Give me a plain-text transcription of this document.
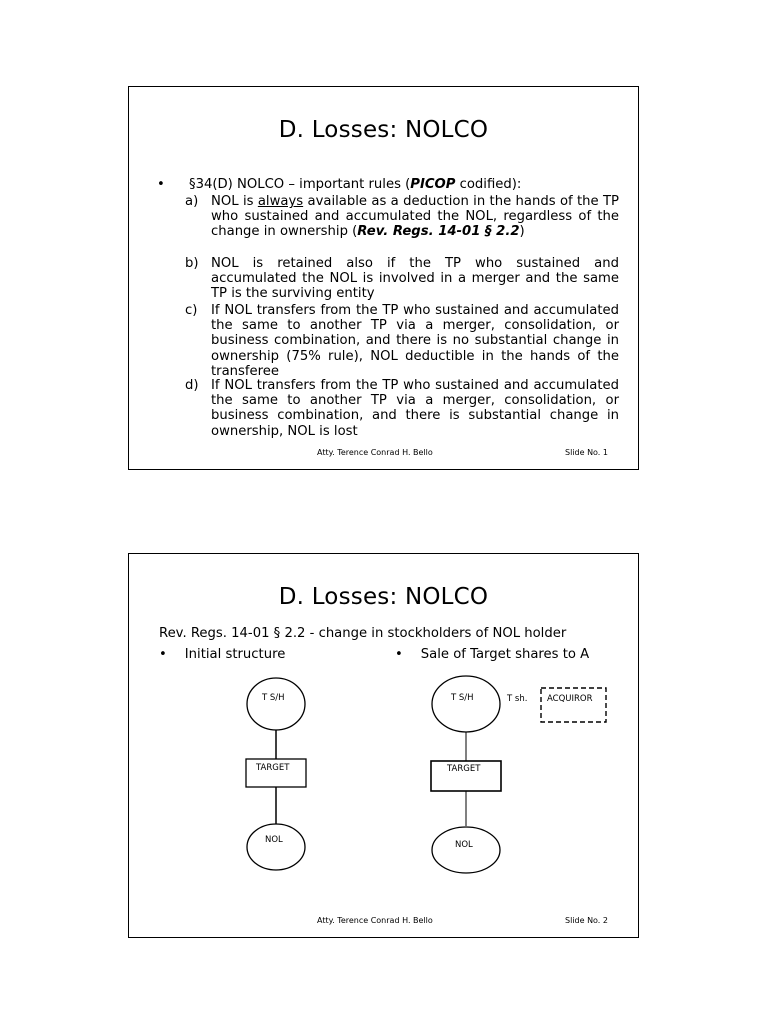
D. Losses: NOLCO
• §34(D) NOLCO – important rules (PICOP codified):
a) NOL is always available as a deduction in the hands of the TP who sustained and accumulated the NOL, regardless of the change in ownership (Rev. Regs. 14-01 § 2.2)
b) NOL is retained also if the TP who sustained and accumulated the NOL is involved in a merger and the same TP is the surviving entity
c) If NOL transfers from the TP who sustained and accumulated the same to another TP via a merger, consolidation, or business combination, and there is no substantial change in ownership (75% rule), NOL deductible in the hands of the transferee
d) If NOL transfers from the TP who sustained and accumulated the same to another TP via a merger, consolidation, or business combination, and there is substantial change in ownership, NOL is lost
Atty. Terence Conrad H. Bello	Slide No. 1
D. Losses: NOLCO
Rev. Regs. 14-01 § 2.2 - change in stockholders of NOL holder
• Initial structure	• Sale of Target shares to A
T S/H
TARGET
NOL
T S/H	T sh. ACQUIROR
TARGET
NOL
Atty. Terence Conrad H. Bello	Slide No. 2
